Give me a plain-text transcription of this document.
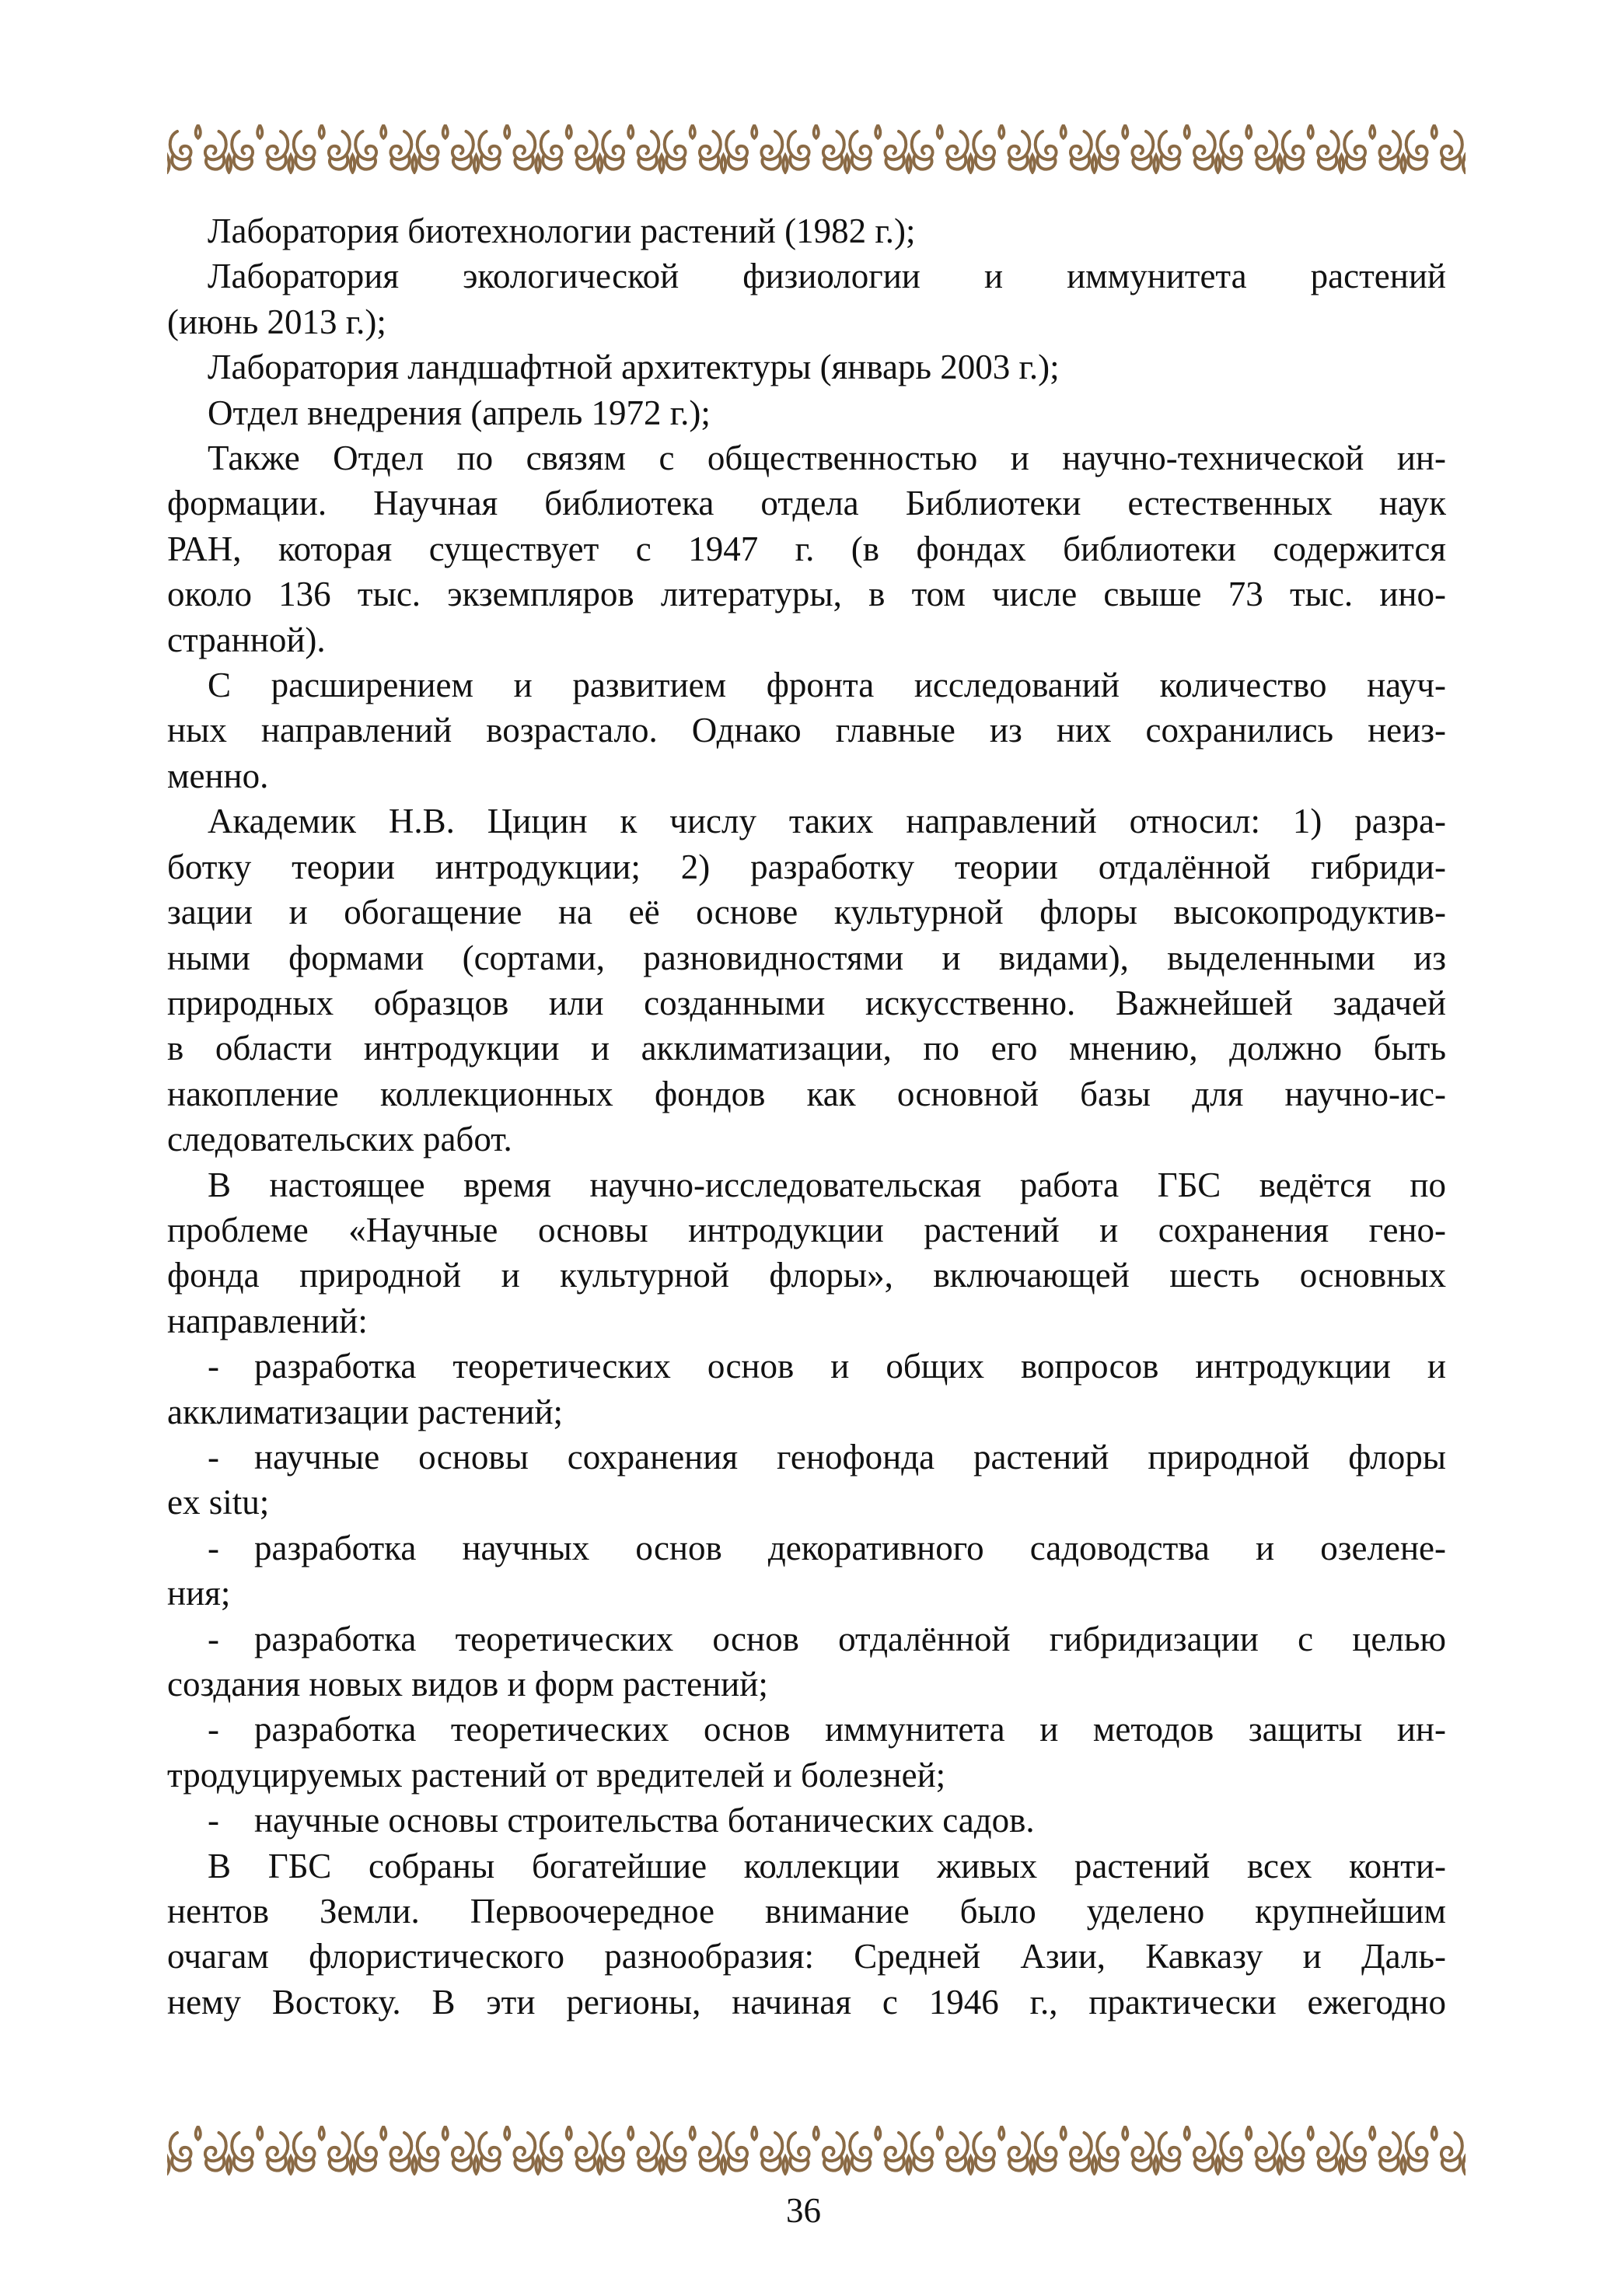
Лаборатория биотехнологии растений (1982 г.);
Лаборатория экологической физиологии и иммунитета растений
(июнь 2013 г.);
Лаборатория ландшафтной архитектуры (январь 2003 г.);
Отдел внедрения (апрель 1972 г.);
Также Отдел по связям с общественностью и научно-технической ин-
формации. Научная библиотека отдела Библиотеки естественных наук
РАН, которая существует с 1947 г. (в фондах библиотеки содержится
около 136 тыс. экземпляров литературы, в том числе свыше 73 тыс. ино-
странной).
С расширением и развитием фронта исследований количество науч-
ных направлений возрастало. Однако главные из них сохранились неиз-
менно.
Академик Н.В. Цицин к числу таких направлений относил: 1) разра-
ботку теории интродукции; 2) разработку теории отдалённой гибриди-
зации и обогащение на её основе культурной флоры высокопродуктив-
ными формами (сортами, разновидностями и видами), выделенными из
природных образцов или созданными искусственно. Важнейшей задачей
в области интродукции и акклиматизации, по его мнению, должно быть
накопление коллекционных фондов как основной базы для научно-ис-
следовательских работ.
В настоящее время научно-исследовательская работа ГБС ведётся по
проблеме «Научные основы интродукции растений и сохранения гено-
фонда природной и культурной флоры», включающей шесть основных
направлений:
- разработка теоретических основ и общих вопросов интродукции и
акклиматизации растений;
- научные основы сохранения генофонда растений природной флоры
ex situ;
- разработка научных основ декоративного садоводства и озелене-
ния;
- разработка теоретических основ отдалённой гибридизации с целью
создания новых видов и форм растений;
- разработка теоретических основ иммунитета и методов защиты ин-
тродуцируемых растений от вредителей и болезней;
- научные основы строительства ботанических садов.
В ГБС собраны богатейшие коллекции живых растений всех конти-
нентов Земли. Первоочередное внимание было уделено крупнейшим
очагам флористического разнообразия: Средней Азии, Кавказу и Даль-
нему Востоку. В эти регионы, начиная с 1946 г., практически ежегодно
36
